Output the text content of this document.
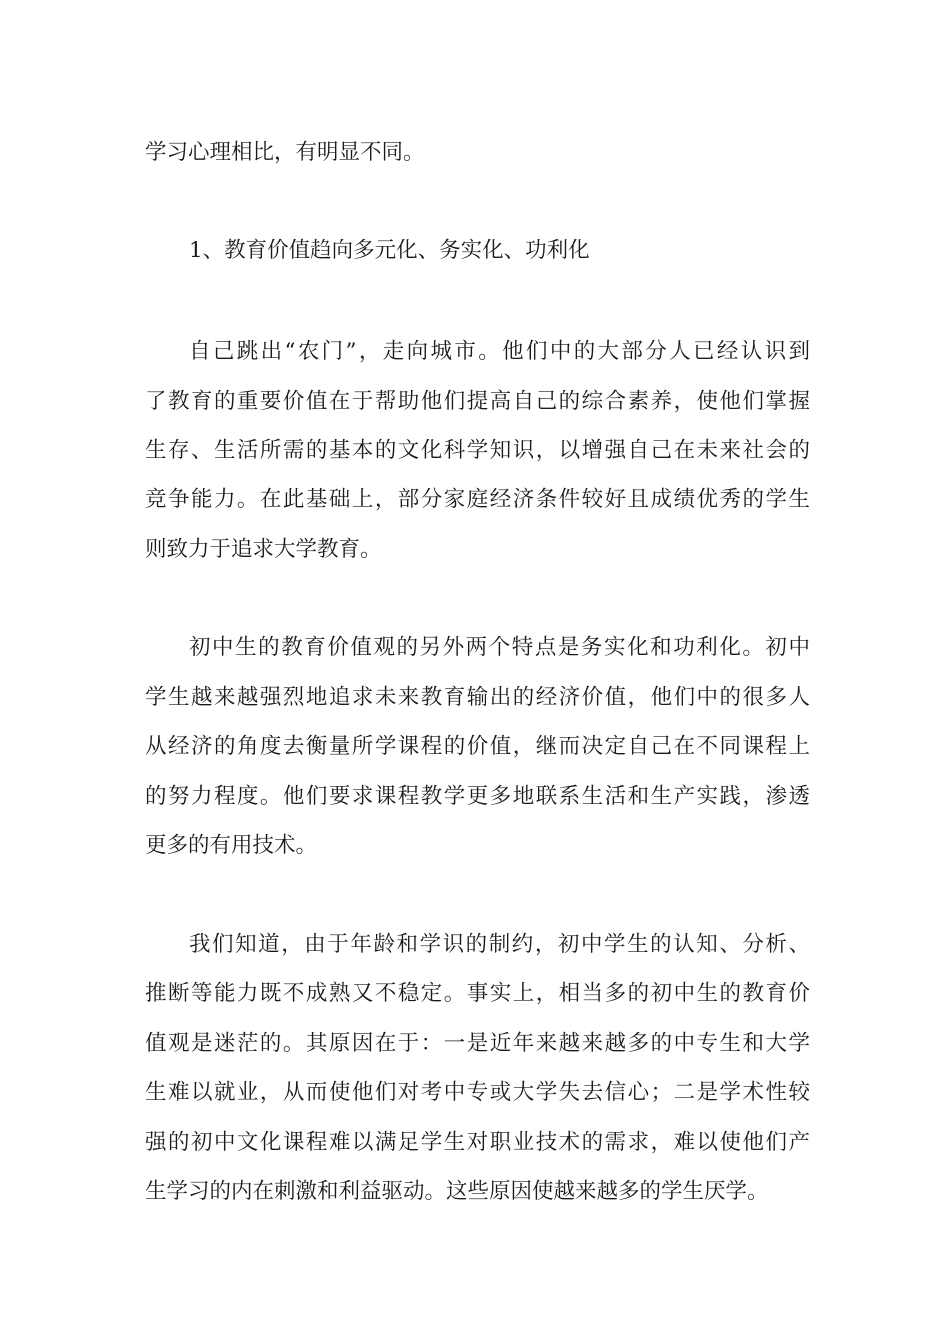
学习心理相比，有明显不同。
1、教育价值趋向多元化、务实化、功利化
自己跳出“农门”，走向城市。他们中的大部分人已经认识到
了教育的重要价值在于帮助他们提高自己的综合素养，使他们掌握
生存、生活所需的基本的文化科学知识，以增强自己在未来社会的
竞争能力。在此基础上，部分家庭经济条件较好且成绩优秀的学生
则致力于追求大学教育。
初中生的教育价值观的另外两个特点是务实化和功利化。初中
学生越来越强烈地追求未来教育输出的经济价值，他们中的很多人
从经济的角度去衡量所学课程的价值，继而决定自己在不同课程上
的努力程度。他们要求课程教学更多地联系生活和生产实践，渗透
更多的有用技术。
我们知道，由于年龄和学识的制约，初中学生的认知、分析、
推断等能力既不成熟又不稳定。事实上，相当多的初中生的教育价
值观是迷茫的。其原因在于：一是近年来越来越多的中专生和大学
生难以就业，从而使他们对考中专或大学失去信心；二是学术性较
强的初中文化课程难以满足学生对职业技术的需求，难以使他们产
生学习的内在刺激和利益驱动。这些原因使越来越多的学生厌学。
